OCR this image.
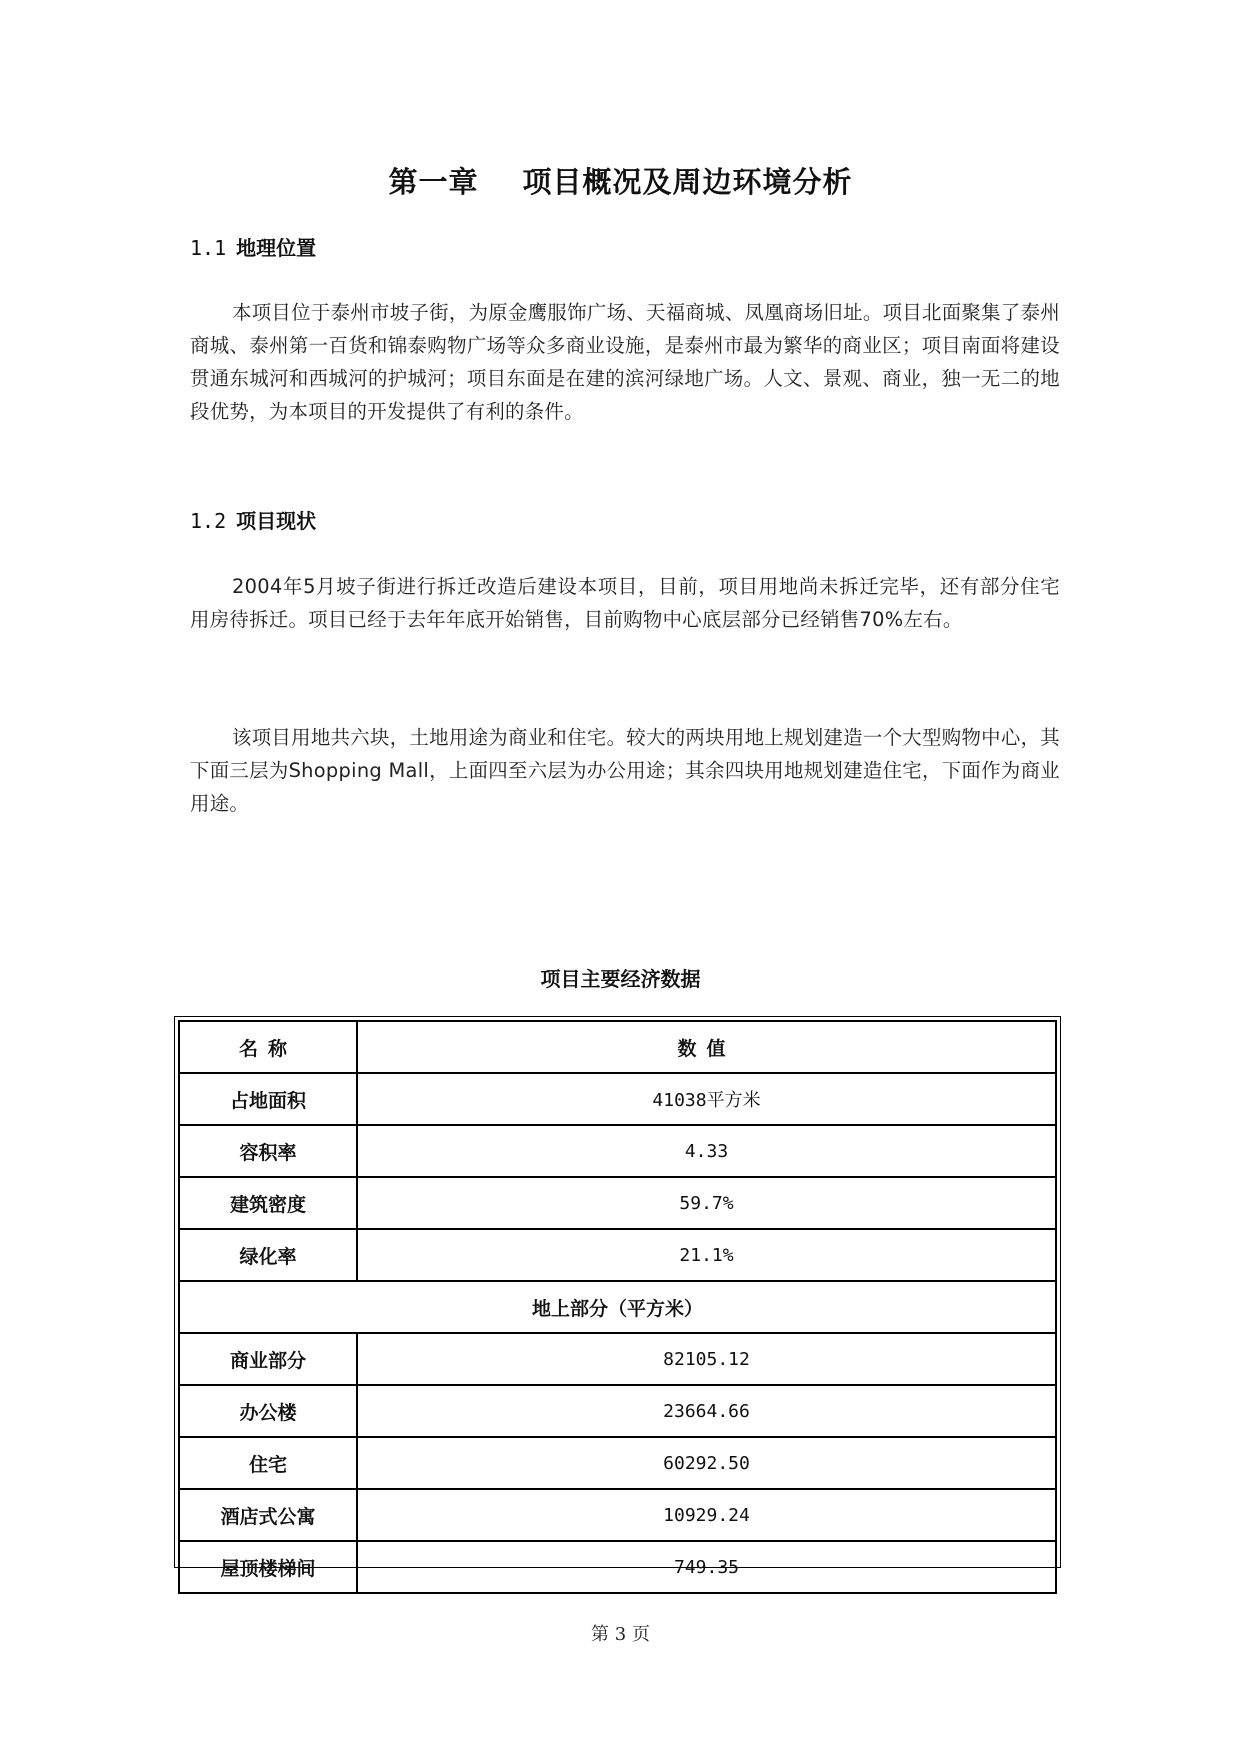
第一章 项目概况及周边环境分析
1.1 地理位置

本项目位于泰州市坡子街，为原金鹰服饰广场、天福商城、凤凰商场旧址。项目北面聚集了泰州商城、泰州第一百货和锦泰购物广场等众多商业设施，是泰州市最为繁华的商业区；项目南面将建设贯通东城河和西城河的护城河；项目东面是在建的滨河绿地广场。人文、景观、商业，独一无二的地段优势，为本项目的开发提供了有利的条件。

1.2 项目现状

2004年5月坡子街进行拆迁改造后建设本项目，目前，项目用地尚未拆迁完毕，还有部分住宅用房待拆迁。项目已经于去年年底开始销售，目前购物中心底层部分已经销售70%左右。

该项目用地共六块，土地用途为商业和住宅。较大的两块用地上规划建造一个大型购物中心，其下面三层为Shopping Mall，上面四至六层为办公用途；其余四块用地规划建造住宅，下面作为商业用途。

项目主要经济数据
名称	数值
占地面积	41038平方米
容积率	4.33
建筑密度	59.7%
绿化率	21.1%
地上部分（平方米）	
商业部分	82105.12
办公楼	23664.66
住宅	60292.50
酒店式公寓	10929.24
屋顶楼梯间	749.35
第 3 页
